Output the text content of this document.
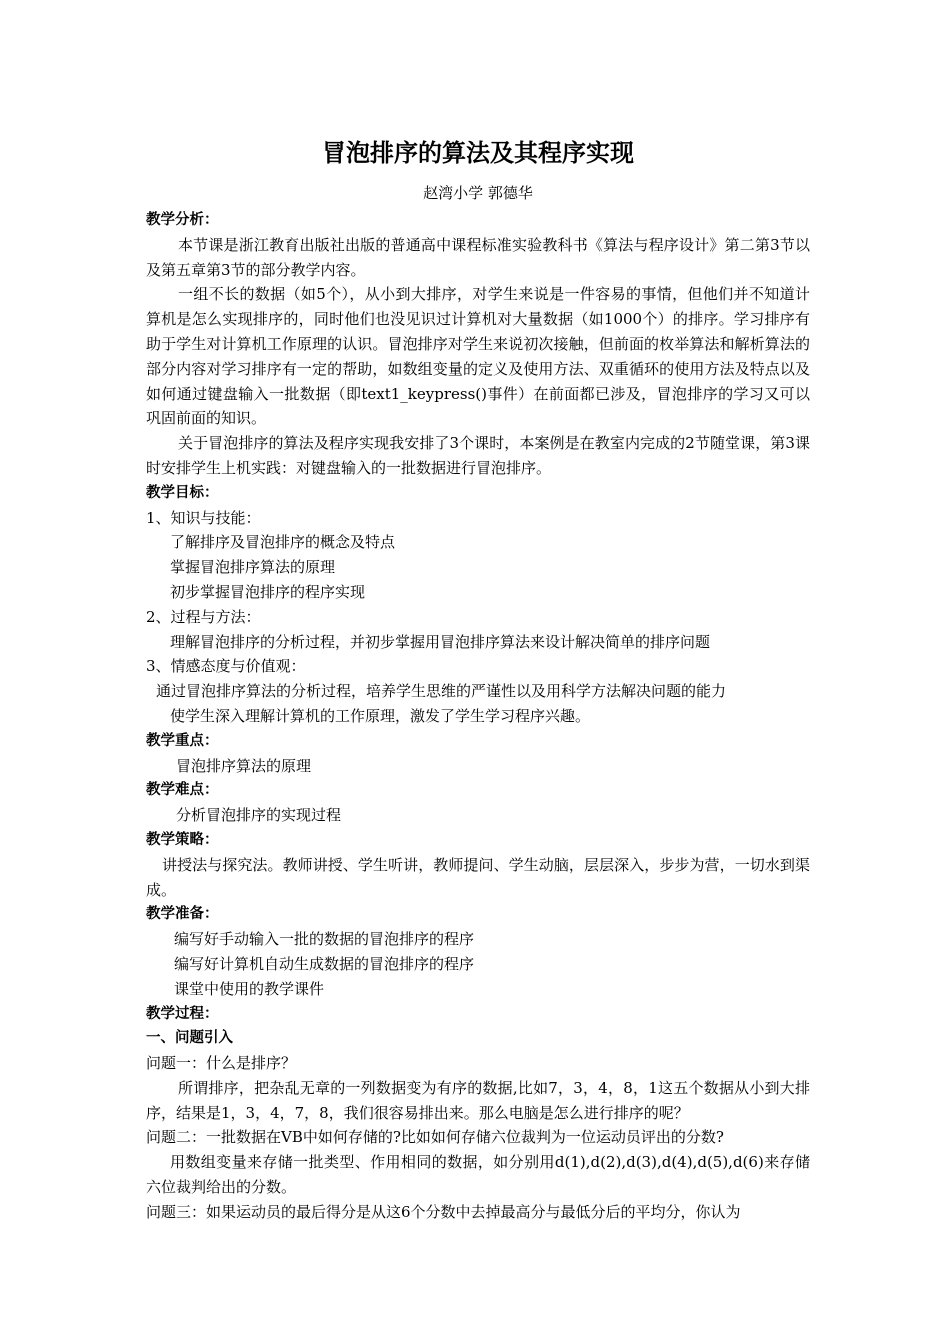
冒泡排序的算法及其程序实现
赵湾小学 郭德华
教学分析：
本节课是浙江教育出版社出版的普通高中课程标准实验教科书《算法与程序设计》第二第3节以及第五章第3节的部分教学内容。
一组不长的数据（如5个），从小到大排序，对学生来说是一件容易的事情，但他们并不知道计算机是怎么实现排序的，同时他们也没见识过计算机对大量数据（如1000个）的排序。学习排序有助于学生对计算机工作原理的认识。冒泡排序对学生来说初次接触，但前面的枚举算法和解析算法的部分内容对学习排序有一定的帮助，如数组变量的定义及使用方法、双重循环的使用方法及特点以及如何通过键盘输入一批数据（即text1_keypress()事件）在前面都已涉及，冒泡排序的学习又可以巩固前面的知识。
关于冒泡排序的算法及程序实现我安排了3个课时，本案例是在教室内完成的2节随堂课，第3课时安排学生上机实践：对键盘输入的一批数据进行冒泡排序。
教学目标：
1、知识与技能：
了解排序及冒泡排序的概念及特点
掌握冒泡排序算法的原理
初步掌握冒泡排序的程序实现
2、过程与方法：
理解冒泡排序的分析过程，并初步掌握用冒泡排序算法来设计解决简单的排序问题
3、情感态度与价值观：
通过冒泡排序算法的分析过程，培养学生思维的严谨性以及用科学方法解决问题的能力
使学生深入理解计算机的工作原理，激发了学生学习程序兴趣。
教学重点：
冒泡排序算法的原理
教学难点：
分析冒泡排序的实现过程
教学策略：
讲授法与探究法。教师讲授、学生听讲，教师提问、学生动脑，层层深入，步步为营，一切水到渠成。
教学准备：
编写好手动输入一批的数据的冒泡排序的程序
编写好计算机自动生成数据的冒泡排序的程序
课堂中使用的教学课件
教学过程：
一、问题引入
问题一：什么是排序？
所谓排序，把杂乱无章的一列数据变为有序的数据,比如7，3，4，8，1这五个数据从小到大排序，结果是1，3，4，7，8，我们很容易排出来。那么电脑是怎么进行排序的呢？
问题二：一批数据在VB中如何存储的?比如如何存储六位裁判为一位运动员评出的分数?
用数组变量来存储一批类型、作用相同的数据，如分别用d(1),d(2),d(3),d(4),d(5),d(6)来存储六位裁判给出的分数。
问题三：如果运动员的最后得分是从这6个分数中去掉最高分与最低分后的平均分，你认为
